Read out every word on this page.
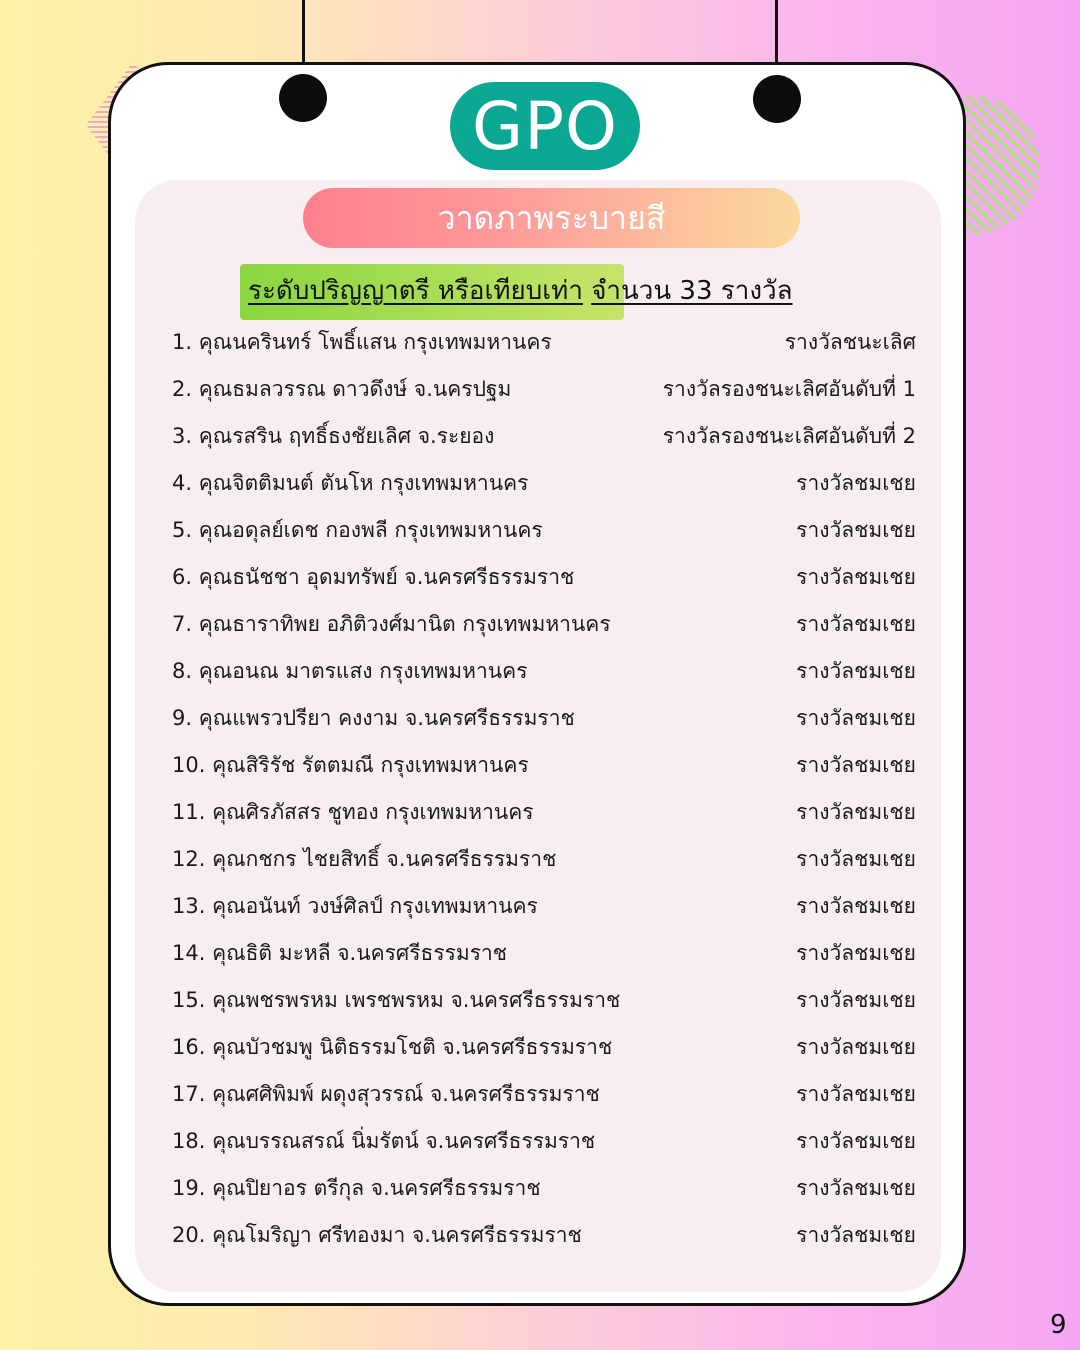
GPO
วาดภาพระบายสี
ระดับปริญญาตรี หรือเทียบเท่า จำนวน 33 รางวัล
1. คุณนครินทร์ โพธิ์แสน กรุงเทพมหานคร	รางวัลชนะเลิศ
2. คุณธมลวรรณ ดาวดึงษ์ จ.นครปฐม	รางวัลรองชนะเลิศอันดับที่ 1
3. คุณรสริน ฤทธิ์ธงชัยเลิศ จ.ระยอง	รางวัลรองชนะเลิศอันดับที่ 2
4. คุณจิตติมนต์ ตันโห กรุงเทพมหานคร	รางวัลชมเชย
5. คุณอดุลย์เดช กองพลี กรุงเทพมหานคร	รางวัลชมเชย
6. คุณธนัชชา อุดมทรัพย์ จ.นครศรีธรรมราช	รางวัลชมเชย
7. คุณธาราทิพย อภิติวงศ์มานิต กรุงเทพมหานคร	รางวัลชมเชย
8. คุณอนณ มาตรแสง กรุงเทพมหานคร	รางวัลชมเชย
9. คุณแพรวปรียา คงงาม จ.นครศรีธรรมราช	รางวัลชมเชย
10. คุณสิริรัช รัตตมณี กรุงเทพมหานคร	รางวัลชมเชย
11. คุณศิรภัสสร ชูทอง กรุงเทพมหานคร	รางวัลชมเชย
12. คุณกชกร ไชยสิทธิ์ จ.นครศรีธรรมราช	รางวัลชมเชย
13. คุณอนันท์ วงษ์ศิลป์ กรุงเทพมหานคร	รางวัลชมเชย
14. คุณธิติ มะหลี จ.นครศรีธรรมราช	รางวัลชมเชย
15. คุณพชรพรหม เพรชพรหม จ.นครศรีธรรมราช	รางวัลชมเชย
16. คุณบัวชมพู นิติธรรมโชติ จ.นครศรีธรรมราช	รางวัลชมเชย
17. คุณศศิพิมพ์ ผดุงสุวรรณ์ จ.นครศรีธรรมราช	รางวัลชมเชย
18. คุณบรรณสรณ์ นิ่มรัตน์ จ.นครศรีธรรมราช	รางวัลชมเชย
19. คุณปิยาอร ตรีกุล จ.นครศรีธรรมราช	รางวัลชมเชย
20. คุณโมริญา ศรีทองมา จ.นครศรีธรรมราช	รางวัลชมเชย
9
